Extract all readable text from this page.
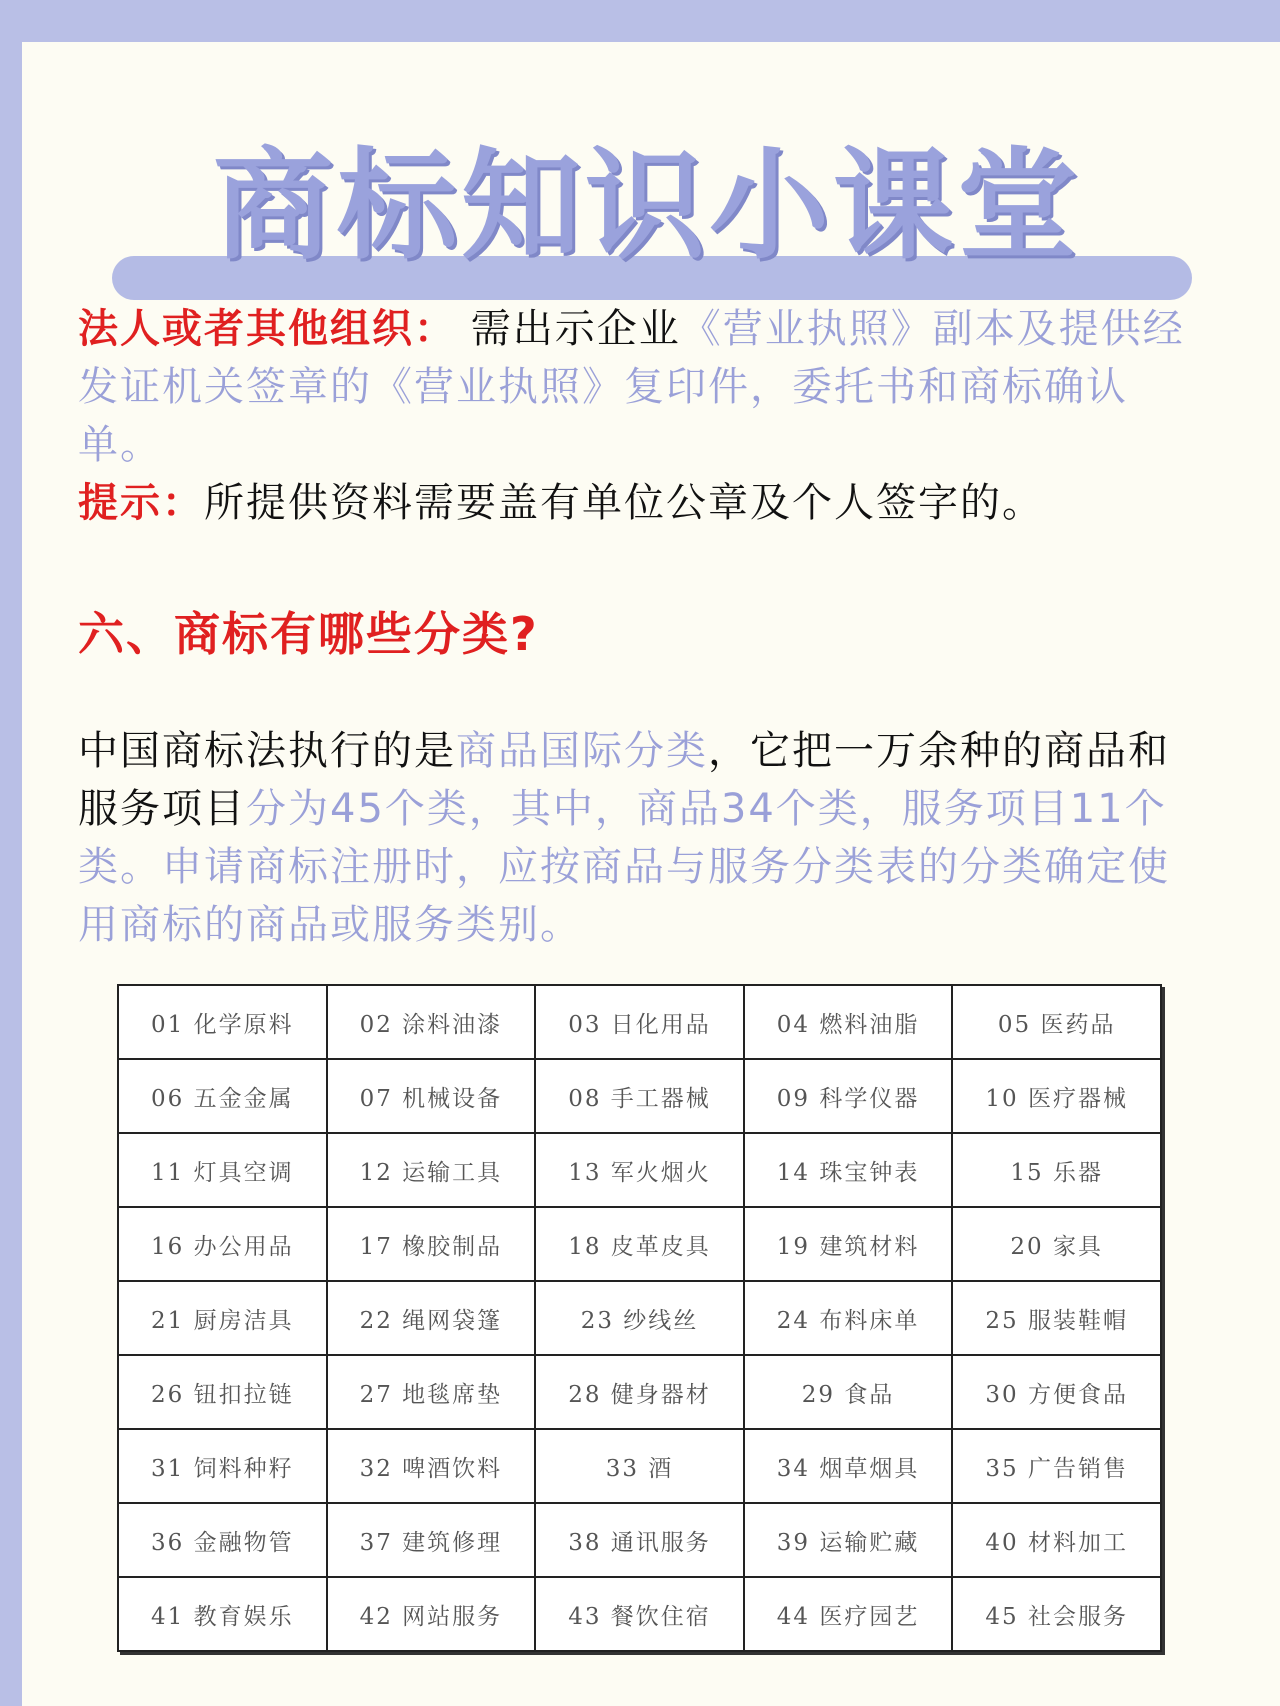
商标知识小课堂
法人或者其他组织： 需出示企业《营业执照》副本及提供经发证机关签章的《营业执照》复印件，委托书和商标确认单。
提示：所提供资料需要盖有单位公章及个人签字的。
六、商标有哪些分类?
中国商标法执行的是商品国际分类，它把一万余种的商品和服务项目分为45个类，其中，商品34个类，服务项目11个类。申请商标注册时，应按商品与服务分类表的分类确定使用商标的商品或服务类别。
01 化学原料	02 涂料油漆	03 日化用品	04 燃料油脂	05 医药品
06 五金金属	07 机械设备	08 手工器械	09 科学仪器	10 医疗器械
11 灯具空调	12 运输工具	13 军火烟火	14 珠宝钟表	15 乐器
16 办公用品	17 橡胶制品	18 皮革皮具	19 建筑材料	20 家具
21 厨房洁具	22 绳网袋篷	23 纱线丝	24 布料床单	25 服装鞋帽
26 钮扣拉链	27 地毯席垫	28 健身器材	29 食品	30 方便食品
31 饲料种籽	32 啤酒饮料	33 酒	34 烟草烟具	35 广告销售
36 金融物管	37 建筑修理	38 通讯服务	39 运输贮藏	40 材料加工
41 教育娱乐	42 网站服务	43 餐饮住宿	44 医疗园艺	45 社会服务
